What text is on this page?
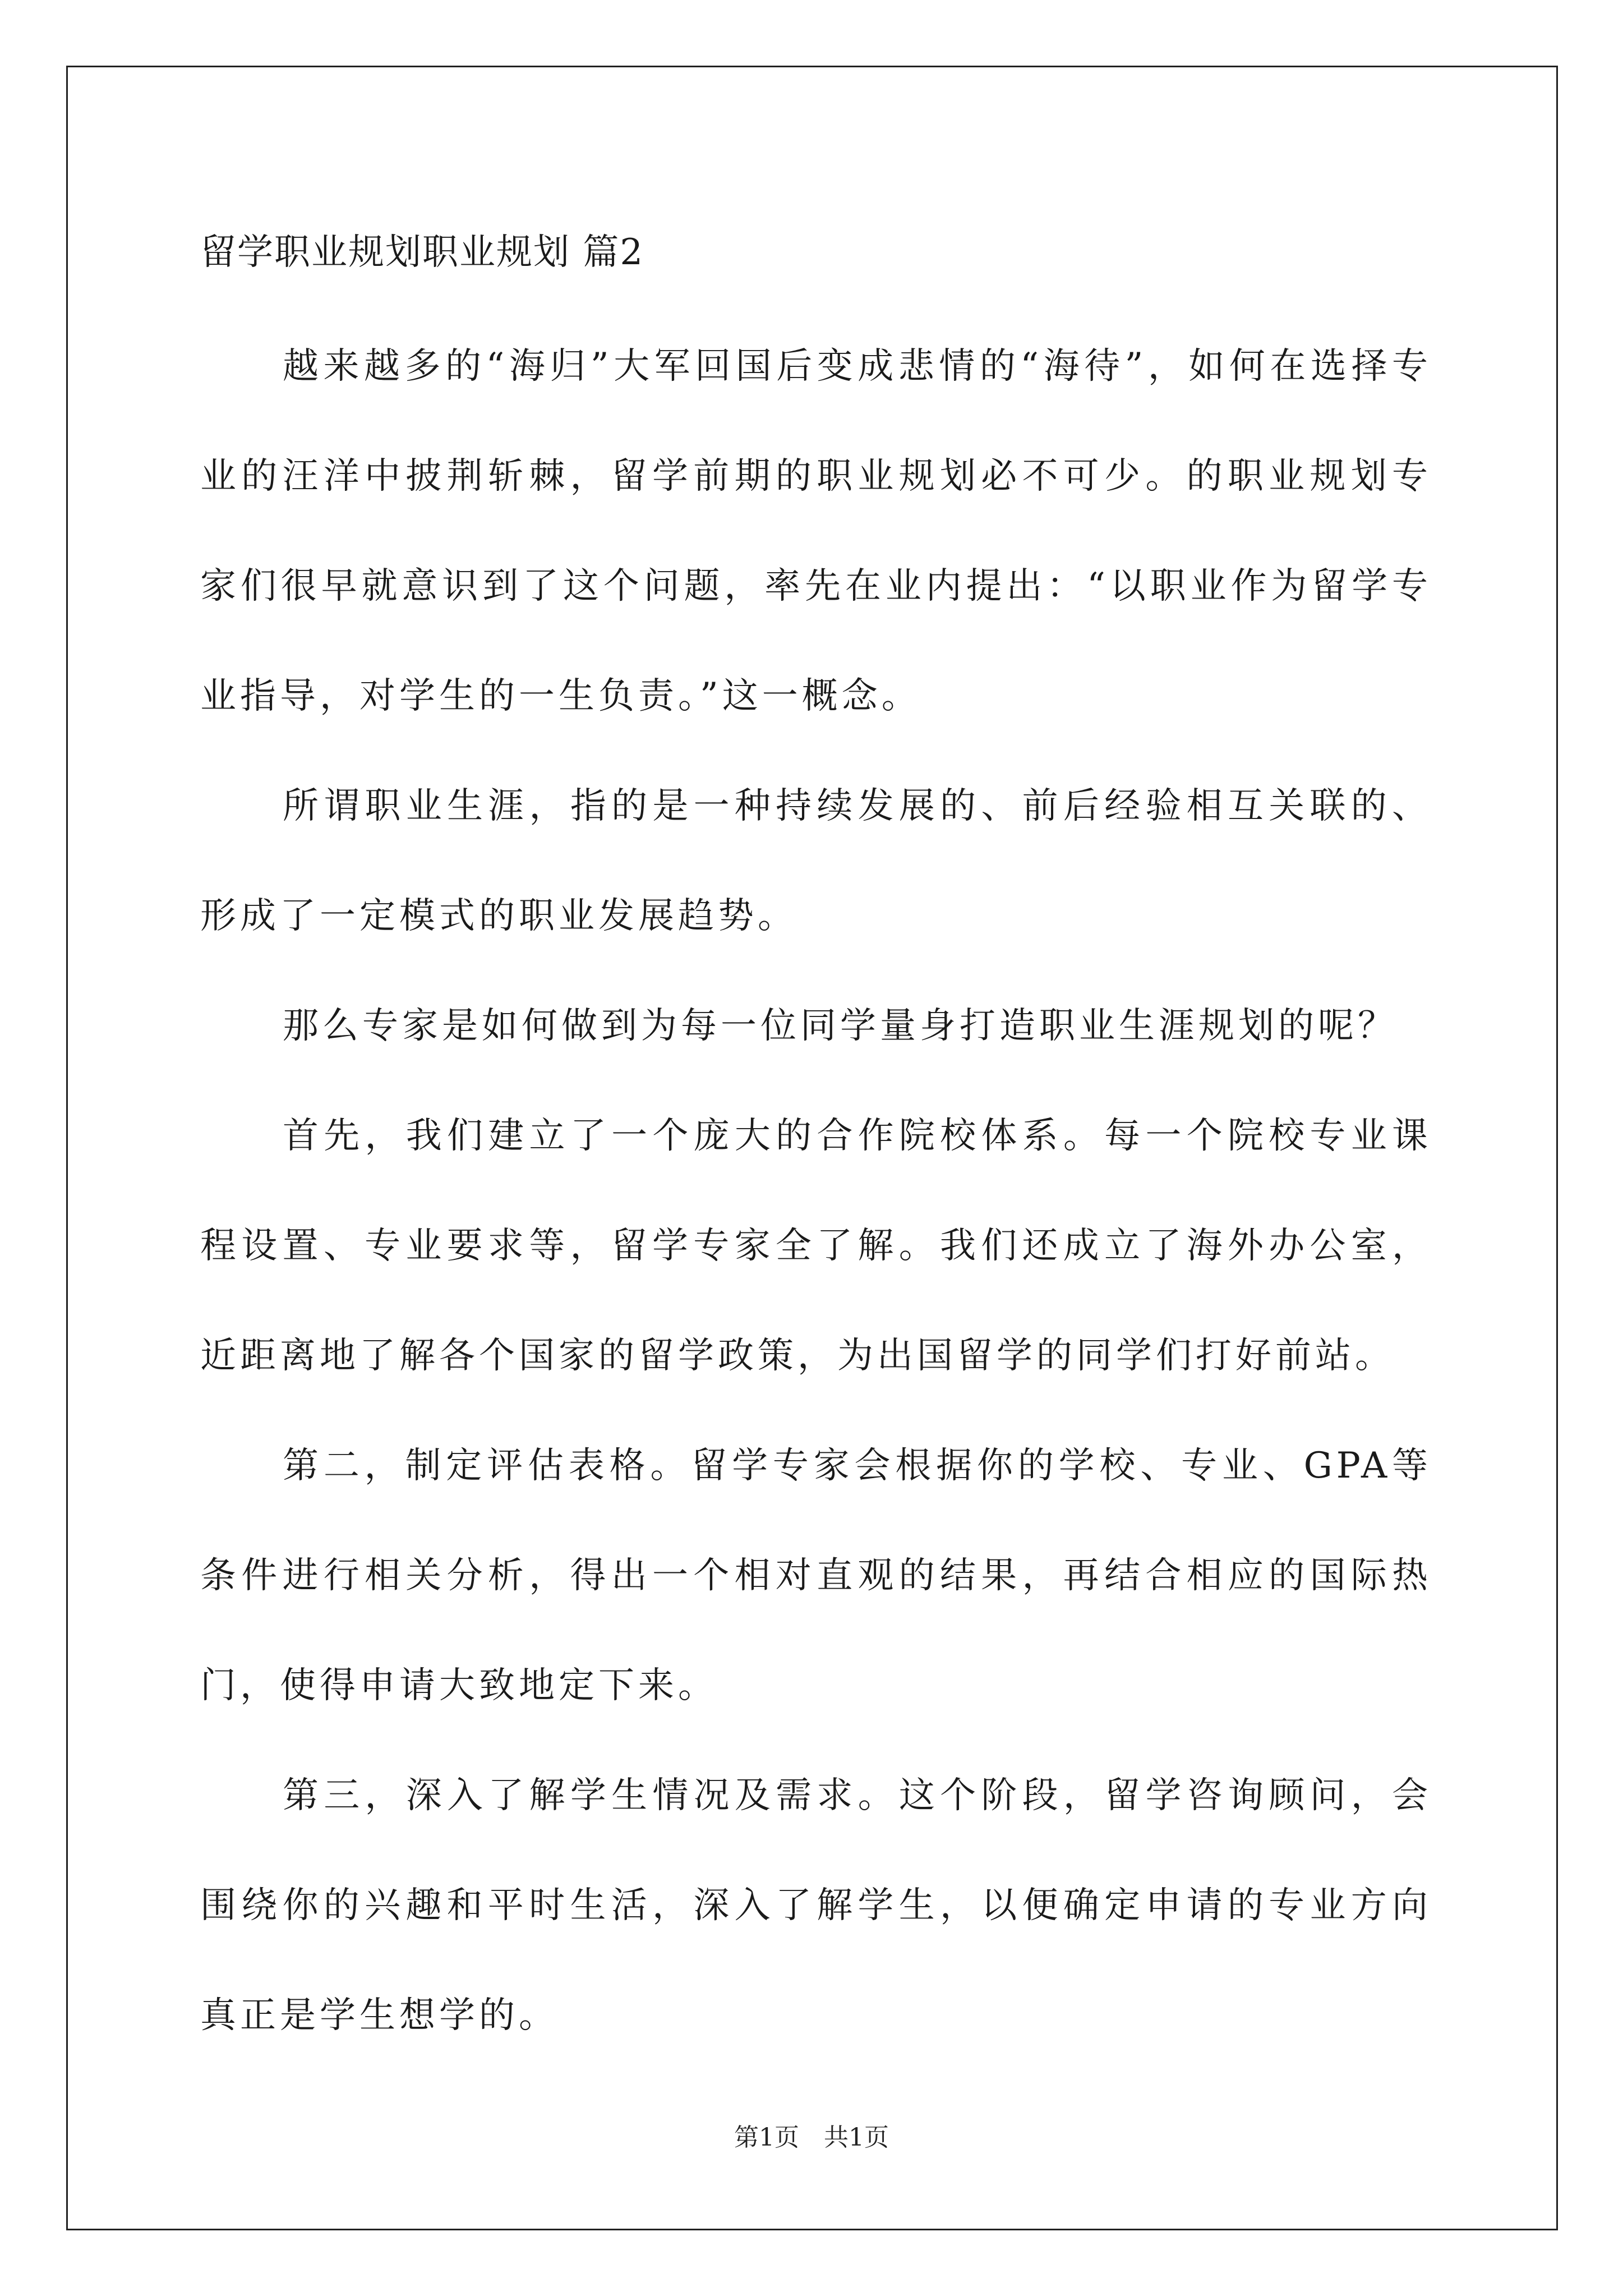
留学职业规划职业规划 篇2

越来越多的“海归”大军回国后变成悲情的“海待”，如何在选择专业的汪洋中披荆斩棘，留学前期的职业规划必不可少。的职业规划专家们很早就意识到了这个问题，率先在业内提出：“以职业作为留学专业指导，对学生的一生负责。”这一概念。

所谓职业生涯，指的是一种持续发展的、前后经验相互关联的、形成了一定模式的职业发展趋势。

那么专家是如何做到为每一位同学量身打造职业生涯规划的呢？

首先，我们建立了一个庞大的合作院校体系。每一个院校专业课程设置、专业要求等，留学专家全了解。我们还成立了海外办公室，近距离地了解各个国家的留学政策，为出国留学的同学们打好前站。

第二，制定评估表格。留学专家会根据你的学校、专业、GPA等条件进行相关分析，得出一个相对直观的结果，再结合相应的国际热门，使得申请大致地定下来。

第三，深入了解学生情况及需求。这个阶段，留学咨询顾问，会围绕你的兴趣和平时生活，深入了解学生，以便确定申请的专业方向真正是学生想学的。

第1页　共1页
